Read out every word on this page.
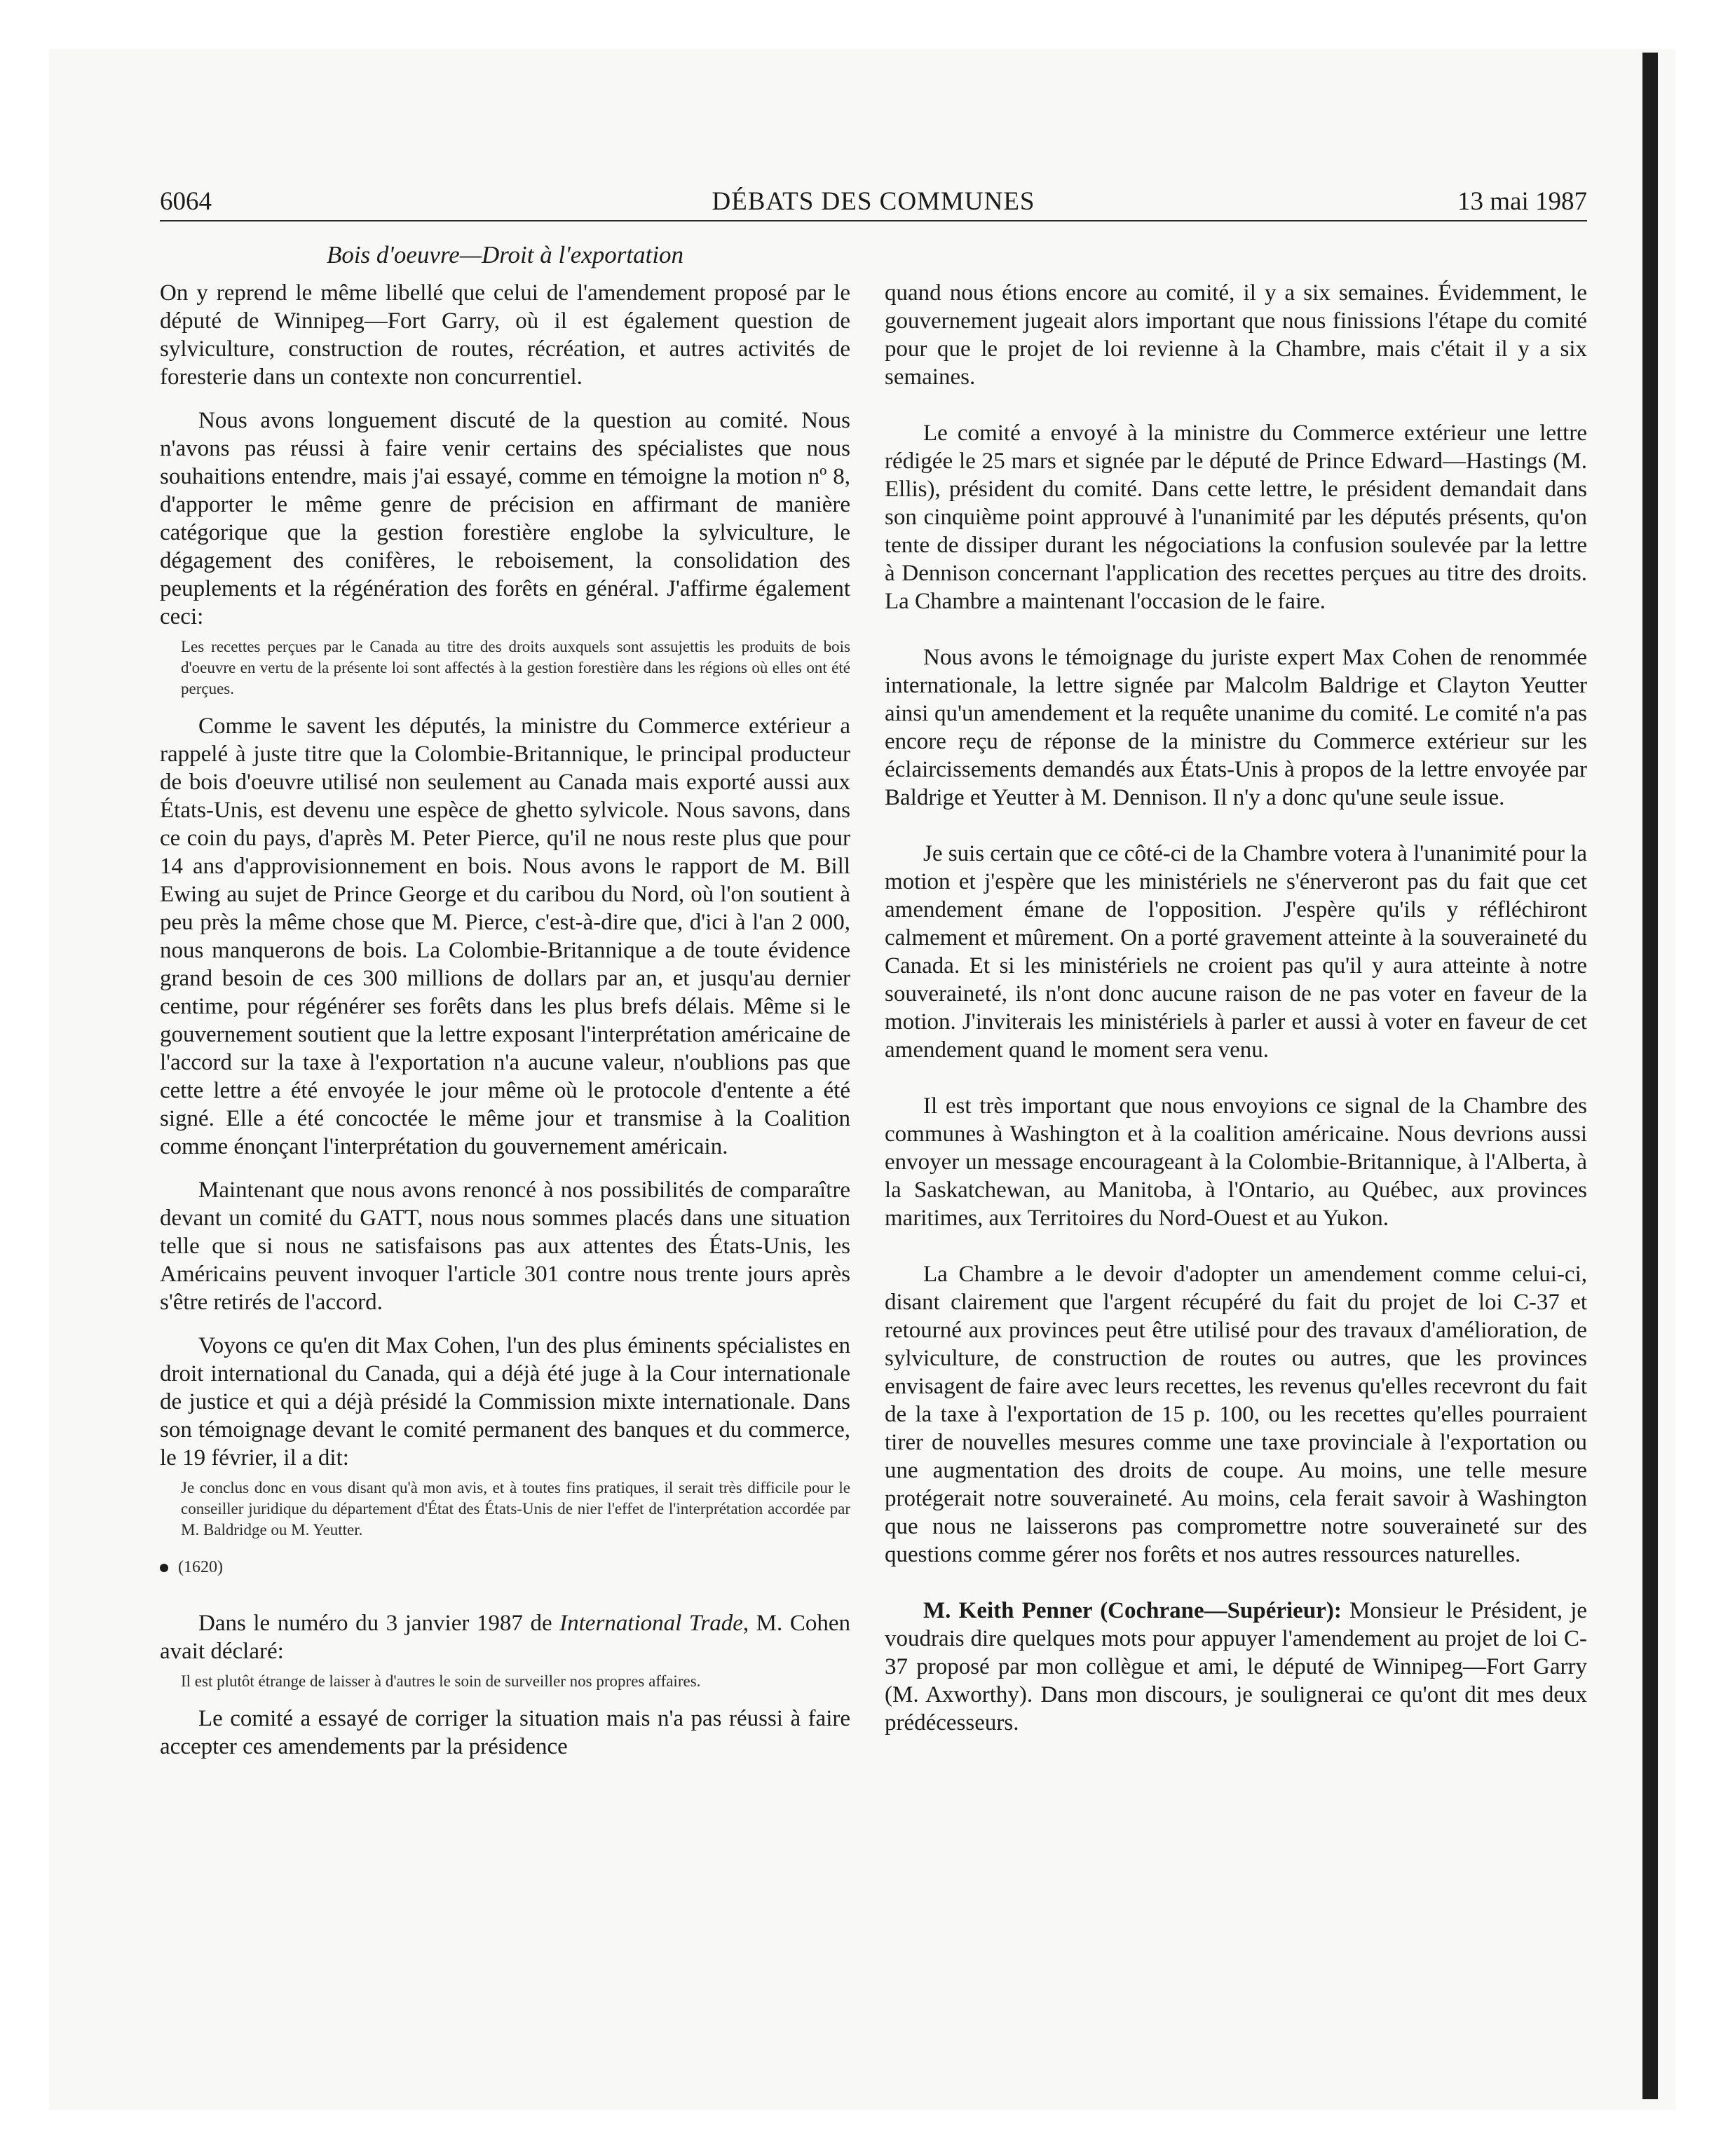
6064	DÉBATS DES COMMUNES	13 mai 1987
Bois d'oeuvre—Droit à l'exportation

On y reprend le même libellé que celui de l'amendement proposé par le député de Winnipeg—Fort Garry, où il est également question de sylviculture, construction de routes, récréation, et autres activités de foresterie dans un contexte non concurrentiel.

Nous avons longuement discuté de la question au comité. Nous n'avons pas réussi à faire venir certains des spécialistes que nous souhaitions entendre, mais j'ai essayé, comme en témoigne la motion nº 8, d'apporter le même genre de précision en affirmant de manière catégorique que la gestion forestière englobe la sylviculture, le dégagement des conifères, le reboisement, la consolidation des peuplements et la régénération des forêts en général. J'affirme également ceci:

Les recettes perçues par le Canada au titre des droits auxquels sont assujettis les produits de bois d'oeuvre en vertu de la présente loi sont affectés à la gestion forestière dans les régions où elles ont été perçues.

Comme le savent les députés, la ministre du Commerce extérieur a rappelé à juste titre que la Colombie-Britannique, le principal producteur de bois d'oeuvre utilisé non seulement au Canada mais exporté aussi aux États-Unis, est devenu une espèce de ghetto sylvicole. Nous savons, dans ce coin du pays, d'après M. Peter Pierce, qu'il ne nous reste plus que pour 14 ans d'approvisionnement en bois. Nous avons le rapport de M. Bill Ewing au sujet de Prince George et du caribou du Nord, où l'on soutient à peu près la même chose que M. Pierce, c'est-à-dire que, d'ici à l'an 2 000, nous manquerons de bois. La Colombie-Britannique a de toute évidence grand besoin de ces 300 millions de dollars par an, et jusqu'au dernier centime, pour régénérer ses forêts dans les plus brefs délais. Même si le gouvernement soutient que la lettre exposant l'interprétation américaine de l'accord sur la taxe à l'exportation n'a aucune valeur, n'oublions pas que cette lettre a été envoyée le jour même où le protocole d'entente a été signé. Elle a été concoctée le même jour et transmise à la Coalition comme énonçant l'interprétation du gouvernement américain.

Maintenant que nous avons renoncé à nos possibilités de comparaître devant un comité du GATT, nous nous sommes placés dans une situation telle que si nous ne satisfaisons pas aux attentes des États-Unis, les Américains peuvent invoquer l'article 301 contre nous trente jours après s'être retirés de l'accord.

Voyons ce qu'en dit Max Cohen, l'un des plus éminents spécialistes en droit international du Canada, qui a déjà été juge à la Cour internationale de justice et qui a déjà présidé la Commission mixte internationale. Dans son témoignage devant le comité permanent des banques et du commerce, le 19 février, il a dit:

Je conclus donc en vous disant qu'à mon avis, et à toutes fins pratiques, il serait très difficile pour le conseiller juridique du département d'État des États-Unis de nier l'effet de l'interprétation accordée par M. Baldridge ou M. Yeutter.
(1620)

Dans le numéro du 3 janvier 1987 de International Trade, M. Cohen avait déclaré:

Il est plutôt étrange de laisser à d'autres le soin de surveiller nos propres affaires.

Le comité a essayé de corriger la situation mais n'a pas réussi à faire accepter ces amendements par la présidence

quand nous étions encore au comité, il y a six semaines. Évidemment, le gouvernement jugeait alors important que nous finissions l'étape du comité pour que le projet de loi revienne à la Chambre, mais c'était il y a six semaines.

Le comité a envoyé à la ministre du Commerce extérieur une lettre rédigée le 25 mars et signée par le député de Prince Edward—Hastings (M. Ellis), président du comité. Dans cette lettre, le président demandait dans son cinquième point approuvé à l'unanimité par les députés présents, qu'on tente de dissiper durant les négociations la confusion soulevée par la lettre à Dennison concernant l'application des recettes perçues au titre des droits. La Chambre a maintenant l'occasion de le faire.

Nous avons le témoignage du juriste expert Max Cohen de renommée internationale, la lettre signée par Malcolm Baldrige et Clayton Yeutter ainsi qu'un amendement et la requête unanime du comité. Le comité n'a pas encore reçu de réponse de la ministre du Commerce extérieur sur les éclaircissements demandés aux États-Unis à propos de la lettre envoyée par Baldrige et Yeutter à M. Dennison. Il n'y a donc qu'une seule issue.

Je suis certain que ce côté-ci de la Chambre votera à l'unanimité pour la motion et j'espère que les ministériels ne s'énerveront pas du fait que cet amendement émane de l'opposition. J'espère qu'ils y réfléchiront calmement et mûrement. On a porté gravement atteinte à la souveraineté du Canada. Et si les ministériels ne croient pas qu'il y aura atteinte à notre souveraineté, ils n'ont donc aucune raison de ne pas voter en faveur de la motion. J'inviterais les ministériels à parler et aussi à voter en faveur de cet amendement quand le moment sera venu.

Il est très important que nous envoyions ce signal de la Chambre des communes à Washington et à la coalition américaine. Nous devrions aussi envoyer un message encourageant à la Colombie-Britannique, à l'Alberta, à la Saskatchewan, au Manitoba, à l'Ontario, au Québec, aux provinces maritimes, aux Territoires du Nord-Ouest et au Yukon.

La Chambre a le devoir d'adopter un amendement comme celui-ci, disant clairement que l'argent récupéré du fait du projet de loi C-37 et retourné aux provinces peut être utilisé pour des travaux d'amélioration, de sylviculture, de construction de routes ou autres, que les provinces envisagent de faire avec leurs recettes, les revenus qu'elles recevront du fait de la taxe à l'exportation de 15 p. 100, ou les recettes qu'elles pourraient tirer de nouvelles mesures comme une taxe provinciale à l'exportation ou une augmentation des droits de coupe. Au moins, une telle mesure protégerait notre souveraineté. Au moins, cela ferait savoir à Washington que nous ne laisserons pas compromettre notre souveraineté sur des questions comme gérer nos forêts et nos autres ressources naturelles.

M. Keith Penner (Cochrane—Supérieur): Monsieur le Président, je voudrais dire quelques mots pour appuyer l'amendement au projet de loi C-37 proposé par mon collègue et ami, le député de Winnipeg—Fort Garry (M. Axworthy). Dans mon discours, je soulignerai ce qu'ont dit mes deux prédécesseurs.
